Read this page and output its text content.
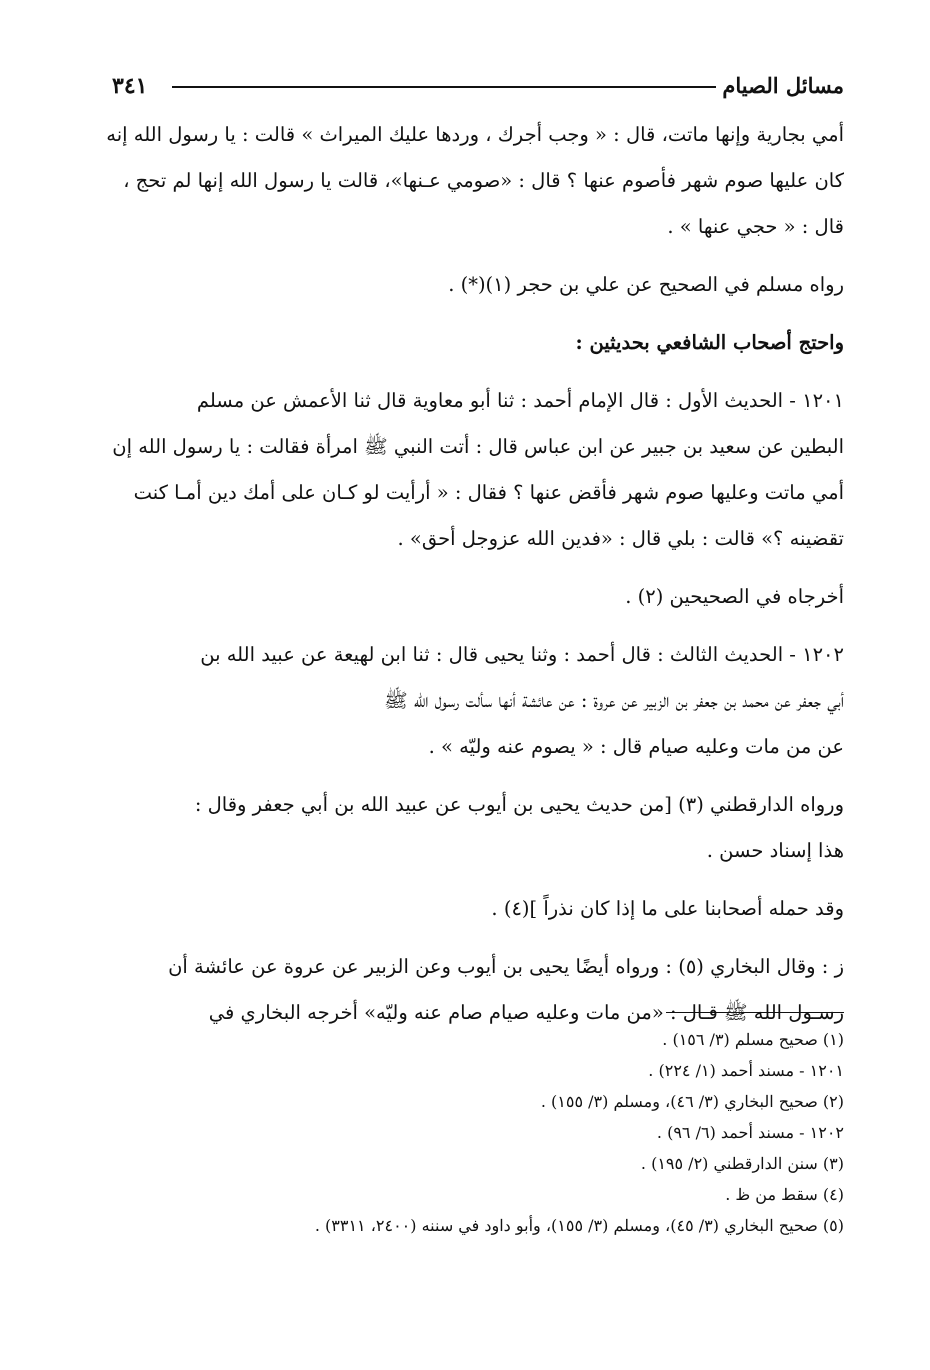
مسائل الصيام
٣٤١

أمي بجارية وإنها ماتت، قال : « وجب أجرك ، وردها عليك الميراث » قالت : يا رسول الله إنه

كان عليها صوم شهر فأصوم عنها ؟ قال : «صومي عـنها»، قالت يا رسول الله إنها لم تحج ،

قال : « حجي عنها » .

رواه مسلم في الصحيح عن علي بن حجر (١)(*) .

واحتج أصحاب الشافعي بحديثين :

١٢٠١ - الحديث الأول : قال الإمام أحمد : ثنا أبو معاوية قال ثنا الأعمش عن مسلم

البطين عن سعيد بن جبير عن ابن عباس قال : أتت النبي ﷺ امرأة فقالت : يا رسول الله إن

أمي ماتت وعليها صوم شهر فأقض عنها ؟ فقال : « أرأيت لو كـان على أمك دين أمـا كنت

تقضينه ؟» قالت : بلي قال : «فدين الله عزوجل أحق» .

أخرجاه في الصحيحين (٢) .

١٢٠٢ - الحديث الثالث : قال أحمد : وثنا يحيى قال : ثنا ابن لهيعة عن عبيد الله بن

أبي جعفر عن محمد بن جعفر بن الزبير عن عروة : عن عائشة أنها سألت رسول الله ﷺ

عن من مات وعليه صيام قال : « يصوم عنه وليّه » .

ورواه الدارقطني (٣) [من حديث يحيى بن أيوب عن عبيد الله بن أبي جعفر وقال :

هذا إسناد حسن .

وقد حمله أصحابنا على ما إذا كان نذراً ](٤) .

ز : وقال البخاري (٥) : ورواه أيضًا يحيى بن أيوب وعن الزبير عن عروة عن عائشة أن

رسـول الله ﷺ قـال : «من مات وعليه صيام صام عنه وليّه» أخرجه البخاري في

(١) صحيح مسلم (٣/ ١٥٦) .
١٢٠١ - مسند أحمد (١/ ٢٢٤) .
(٢) صحيح البخاري (٣/ ٤٦)، ومسلم (٣/ ١٥٥) .
١٢٠٢ - مسند أحمد (٦/ ٩٦) .
(٣) سنن الدارقطني (٢/ ١٩٥) .
(٤) سقط من ظ .
(٥) صحيح البخاري (٣/ ٤٥)، ومسلم (٣/ ١٥٥)، وأبو داود في سننه (٢٤٠٠، ٣٣١١) .
